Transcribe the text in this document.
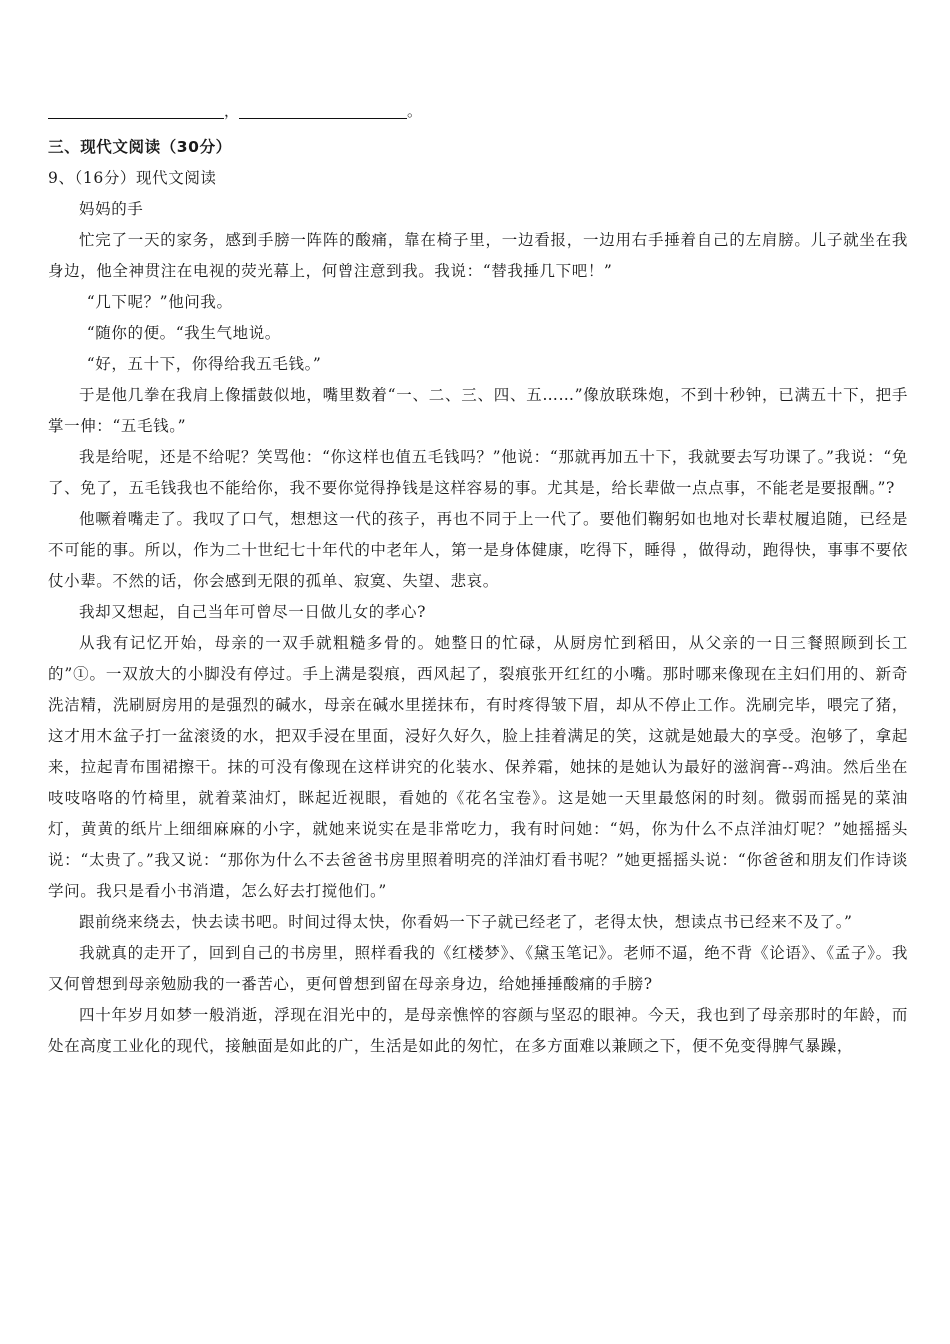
，	。

三、现代文阅读（30分）

9、（16分）现代文阅读

妈妈的手

忙完了一天的家务，感到手膀一阵阵的酸痛，靠在椅子里，一边看报，一边用右手捶着自己的左肩膀。儿子就坐在我身边，他全神贯注在电视的荧光幕上，何曾注意到我。我说：“替我捶几下吧！”

“几下呢？”他问我。

“随你的便。“我生气地说。

“好，五十下，你得给我五毛钱。”

于是他几拳在我肩上像擂鼓似地，嘴里数着“一、二、三、四、五……”像放联珠炮，不到十秒钟，已满五十下，把手掌一伸：“五毛钱。”

我是给呢，还是不给呢？笑骂他：“你这样也值五毛钱吗？”他说：“那就再加五十下，我就要去写功课了。”我说：“免了、免了，五毛钱我也不能给你，我不要你觉得挣钱是这样容易的事。尤其是，给长辈做一点点事，不能老是要报酬。”?

他噘着嘴走了。我叹了口气，想想这一代的孩子，再也不同于上一代了。要他们鞠躬如也地对长辈杖履追随，已经是不可能的事。所以，作为二十世纪七十年代的中老年人，第一是身体健康，吃得下，睡得 ，做得动，跑得快，事事不要依仗小辈。不然的话，你会感到无限的孤单、寂寞、失望、悲哀。

我却又想起，自己当年可曾尽一日做儿女的孝心?

从我有记忆开始，母亲的一双手就粗糙多骨的。她整日的忙碌，从厨房忙到稻田，从父亲的一日三餐照顾到长工的”①。一双放大的小脚没有停过。手上满是裂痕，西风起了，裂痕张开红红的小嘴。那时哪来像现在主妇们用的、新奇洗洁精，洗刷厨房用的是强烈的碱水，母亲在碱水里搓抹布，有时疼得皱下眉，却从不停止工作。洗刷完毕，喂完了猪，这才用木盆子打一盆滚烫的水，把双手浸在里面，浸好久好久，脸上挂着满足的笑，这就是她最大的享受。泡够了，拿起来，拉起青布围裙擦干。抹的可没有像现在这样讲究的化装水、保养霜，她抹的是她认为最好的滋润膏--鸡油。然后坐在吱吱咯咯的竹椅里，就着菜油灯，眯起近视眼，看她的《花名宝卷》。这是她一天里最悠闲的时刻。微弱而摇晃的菜油灯，黄黄的纸片上细细麻麻的小字，就她来说实在是非常吃力，我有时问她：“妈，你为什么不点洋油灯呢？”她摇摇头说：“太贵了。”我又说：“那你为什么不去爸爸书房里照着明亮的洋油灯看书呢？”她更摇摇头说：“你爸爸和朋友们作诗谈学问。我只是看小书消遣，怎么好去打搅他们。”

跟前绕来绕去，快去读书吧。时间过得太快，你看妈一下子就已经老了，老得太快，想读点书已经来不及了。”

我就真的走开了，回到自己的书房里，照样看我的《红楼梦》、《黛玉笔记》。老师不逼，绝不背《论语》、《孟子》。我又何曾想到母亲勉励我的一番苦心，更何曾想到留在母亲身边，给她捶捶酸痛的手膀?

四十年岁月如梦一般消逝，浮现在泪光中的，是母亲憔悴的容颜与坚忍的眼神。今天，我也到了母亲那时的年龄，而处在高度工业化的现代，接触面是如此的广，生活是如此的匆忙，在多方面难以兼顾之下，便不免变得脾气暴躁，
